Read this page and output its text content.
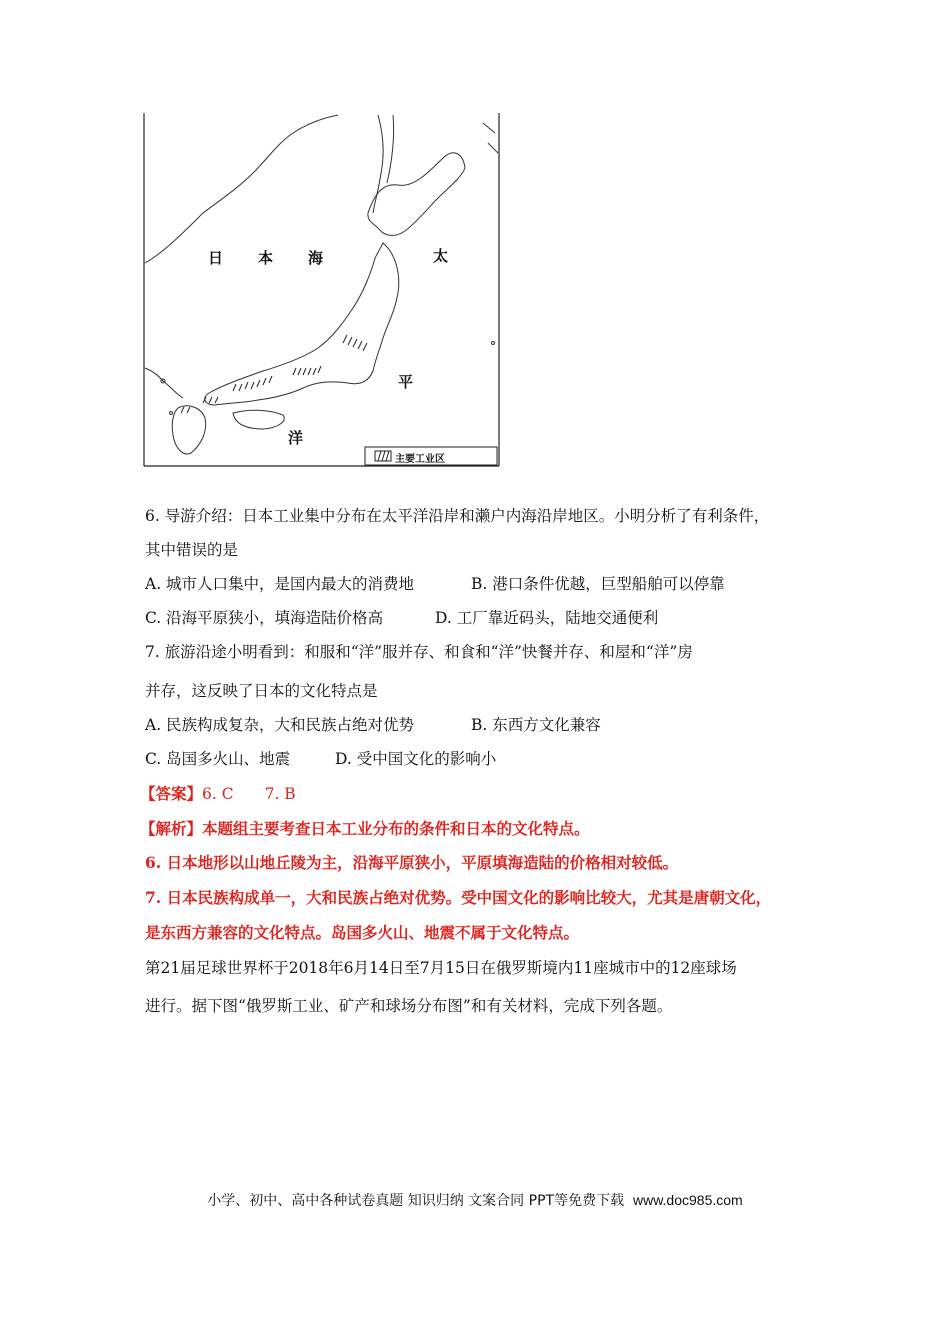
日 本 海	太
平
洋
主要工业区
6. 导游介绍：日本工业集中分布在太平洋沿岸和濑户内海沿岸地区。小明分析了有利条件，
其中错误的是
A. 城市人口集中，是国内最大的消费地	B. 港口条件优越，巨型船舶可以停靠
C. 沿海平原狭小，填海造陆价格高	D. 工厂靠近码头，陆地交通便利
7. 旅游沿途小明看到：和服和“洋”服并存、和食和“洋”快餐并存、和屋和“洋”房
并存，这反映了日本的文化特点是
A. 民族构成复杂，大和民族占绝对优势	B. 东西方文化兼容
C. 岛国多火山、地震	D. 受中国文化的影响小
【答案】6. C　　7. B
【解析】本题组主要考查日本工业分布的条件和日本的文化特点。
6. 日本地形以山地丘陵为主，沿海平原狭小，平原填海造陆的价格相对较低。
7. 日本民族构成单一，大和民族占绝对优势。受中国文化的影响比较大，尤其是唐朝文化，
是东西方兼容的文化特点。岛国多火山、地震不属于文化特点。
第21届足球世界杯于2018年6月14日至7月15日在俄罗斯境内11座城市中的12座球场
进行。据下图“俄罗斯工业、矿产和球场分布图”和有关材料，完成下列各题。
小学、初中、高中各种试卷真题 知识归纳 文案合同 PPT等免费下载 www.doc985.com
